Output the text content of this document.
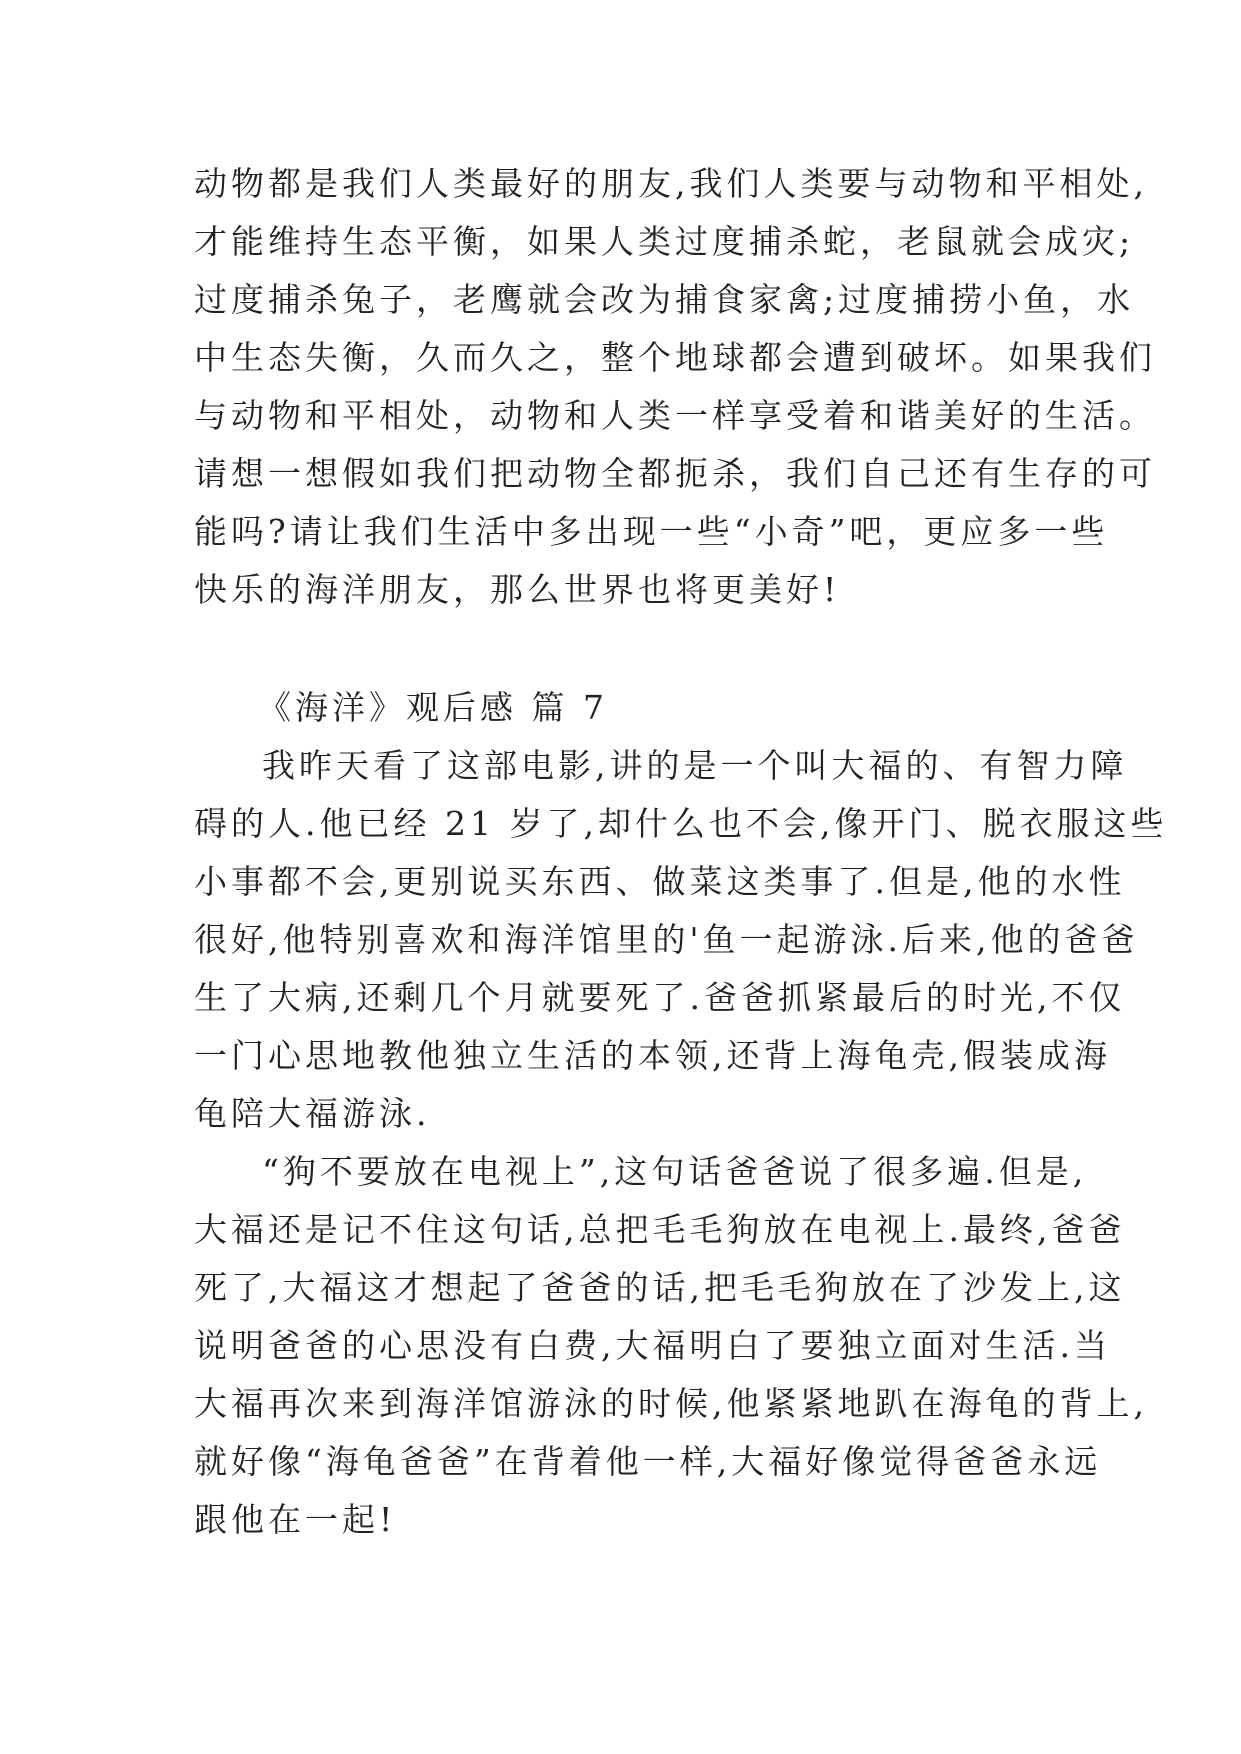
动物都是我们人类最好的朋友,我们人类要与动物和平相处,
才能维持生态平衡，如果人类过度捕杀蛇，老鼠就会成灾;
过度捕杀兔子，老鹰就会改为捕食家禽;过度捕捞小鱼，水
中生态失衡，久而久之，整个地球都会遭到破坏。如果我们
与动物和平相处，动物和人类一样享受着和谐美好的生活。
请想一想假如我们把动物全都扼杀，我们自己还有生存的可
能吗?请让我们生活中多出现一些“小奇”吧，更应多一些
快乐的海洋朋友，那么世界也将更美好!
《海洋》观后感 篇 7
我昨天看了这部电影,讲的是一个叫大福的、有智力障
碍的人.他已经 21 岁了,却什么也不会,像开门、脱衣服这些
小事都不会,更别说买东西、做菜这类事了.但是,他的水性
很好,他特别喜欢和海洋馆里的'鱼一起游泳.后来,他的爸爸
生了大病,还剩几个月就要死了.爸爸抓紧最后的时光,不仅
一门心思地教他独立生活的本领,还背上海龟壳,假装成海
龟陪大福游泳.
“狗不要放在电视上”,这句话爸爸说了很多遍.但是,
大福还是记不住这句话,总把毛毛狗放在电视上.最终,爸爸
死了,大福这才想起了爸爸的话,把毛毛狗放在了沙发上,这
说明爸爸的心思没有白费,大福明白了要独立面对生活.当
大福再次来到海洋馆游泳的时候,他紧紧地趴在海龟的背上,
就好像“海龟爸爸”在背着他一样,大福好像觉得爸爸永远
跟他在一起!
